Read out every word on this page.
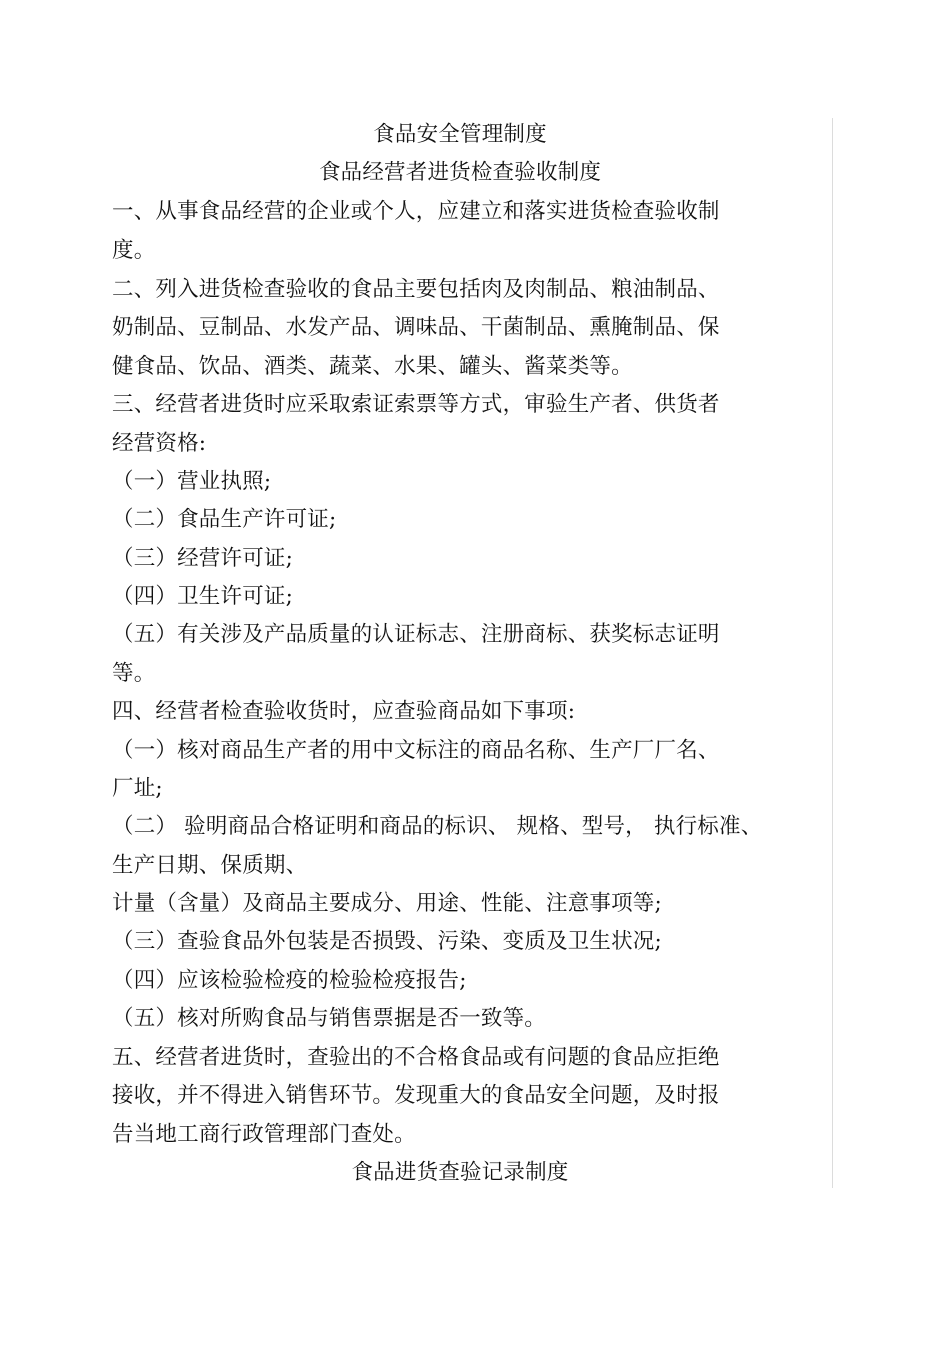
食品安全管理制度
食品经营者进货检查验收制度
一、从事食品经营的企业或个人，应建立和落实进货检查验收制
度。
二、列入进货检查验收的食品主要包括肉及肉制品、粮油制品、
奶制品、豆制品、水发产品、调味品、干菌制品、熏腌制品、保
健食品、饮品、酒类、蔬菜、水果、罐头、酱菜类等。
三、经营者进货时应采取索证索票等方式，审验生产者、供货者
经营资格:
（一）营业执照;
（二）食品生产许可证;
（三）经营许可证;
（四）卫生许可证;
（五）有关涉及产品质量的认证标志、注册商标、获奖标志证明
等。
四、经营者检查验收货时，应查验商品如下事项:
（一）核对商品生产者的用中文标注的商品名称、生产厂厂名、
厂址;
（二） 验明商品合格证明和商品的标识、 规格、型号， 执行标准、
生产日期、保质期、
计量（含量）及商品主要成分、用途、性能、注意事项等;
（三）查验食品外包装是否损毁、污染、变质及卫生状况;
（四）应该检验检疫的检验检疫报告;
（五）核对所购食品与销售票据是否一致等。
五、经营者进货时，查验出的不合格食品或有问题的食品应拒绝
接收，并不得进入销售环节。发现重大的食品安全问题，及时报
告当地工商行政管理部门查处。
食品进货查验记录制度
